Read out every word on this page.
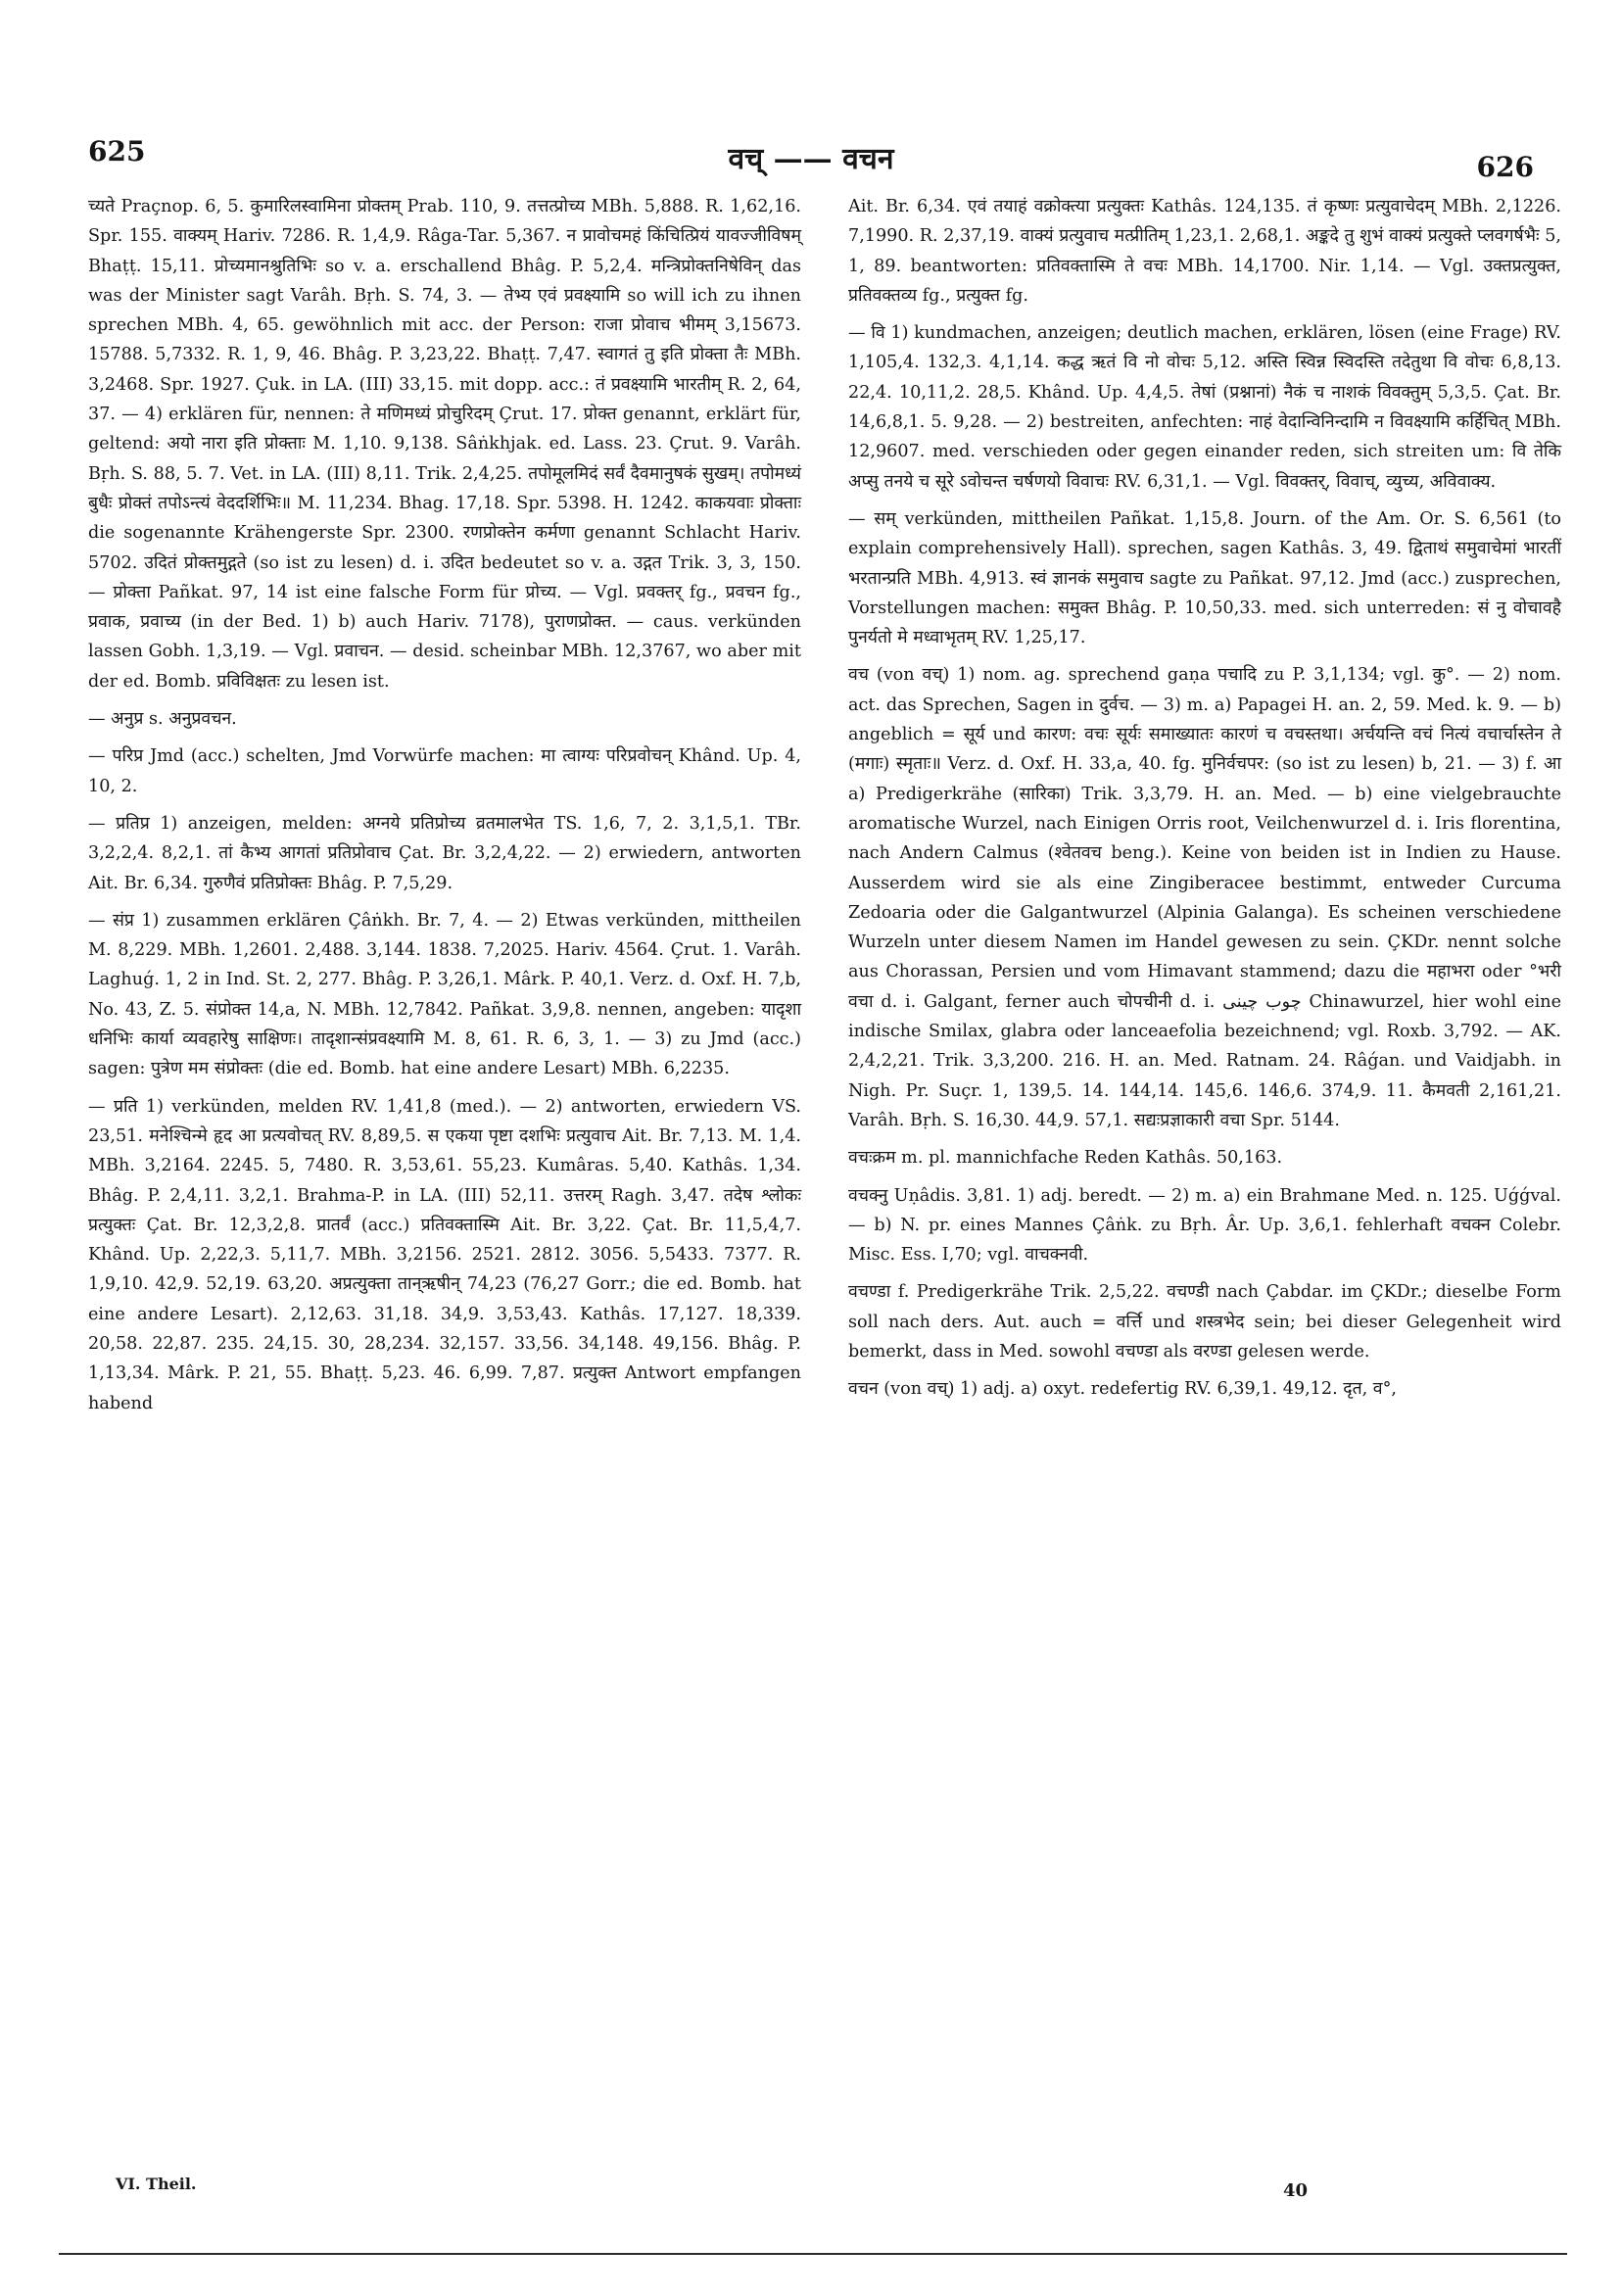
625	वच् —— वचन	626

च्यते Praçnop. 6, 5. कुमारिलस्वामिना प्रोक्तम् Prab. 110, 9. तत्तत्प्रोच्य MBh. 5,888. R. 1,62,16. Spr. 155. वाक्यम् Hariv. 7286. R. 1,4,9. Râga-Tar. 5,367. न प्रावोचमहं किंचित्प्रियं यावज्जीविषम् Bhaṭṭ. 15,11. प्रोच्यमानश्रुतिभिः so v. a. erschallend Bhâg. P. 5,2,4. मन्त्रिप्रोक्तनिषेविन् das was der Minister sagt Varâh. Bṛh. S. 74, 3. — तेभ्य एवं प्रवक्ष्यामि so will ich zu ihnen sprechen MBh. 4, 65. gewöhnlich mit acc. der Person: राजा प्रोवाच भीमम् 3,15673. 15788. 5,7332. R. 1, 9, 46. Bhâg. P. 3,23,22. Bhaṭṭ. 7,47. स्वागतं तु इति प्रोक्ता तैः MBh. 3,2468. Spr. 1927. Çuk. in LA. (III) 33,15. mit dopp. acc.: तं प्रवक्ष्यामि भारतीम् R. 2, 64, 37. — 4) erklären für, nennen: ते मणिमध्यं प्रोचुरिदम् Çrut. 17. प्रोक्त genannt, erklärt für, geltend: अयो नारा इति प्रोक्ताः M. 1,10. 9,138. Sâṅkhjak. ed. Lass. 23. Çrut. 9. Varâh. Bṛh. S. 88, 5. 7. Vet. in LA. (III) 8,11. Trik. 2,4,25. तपोमूलमिदं सर्वं दैवमानुषकं सुखम्। तपोमध्यं बुधैः प्रोक्तं तपोऽन्त्यं वेददर्शिभिः॥ M. 11,234. Bhag. 17,18. Spr. 5398. H. 1242. काकयवाः प्रोक्ताः die sogenannte Krähengerste Spr. 2300. रणप्रोक्तेन कर्मणा genannt Schlacht Hariv. 5702. उदितं प्रोक्तमुद्गते (so ist zu lesen) d. i. उदित bedeutet so v. a. उद्गत Trik. 3, 3, 150. — प्रोक्ता Pañkat. 97, 14 ist eine falsche Form für प्रोच्य. — Vgl. प्रवक्तर् fg., प्रवचन fg., प्रवाक, प्रवाच्य (in der Bed. 1) b) auch Hariv. 7178), पुराणप्रोक्त. — caus. verkünden lassen Gobh. 1,3,19. — Vgl. प्रवाचन. — desid. scheinbar MBh. 12,3767, wo aber mit der ed. Bomb. प्रविविक्षतः zu lesen ist.

— अनुप्र s. अनुप्रवचन.

— परिप्र Jmd (acc.) schelten, Jmd Vorwürfe machen: मा त्वाग्यः परिप्रवोचन् Khând. Up. 4, 10, 2.

— प्रतिप्र 1) anzeigen, melden: अग्नये प्रतिप्रोच्य व्रतमालभेत TS. 1,6, 7, 2. 3,1,5,1. TBr. 3,2,2,4. 8,2,1. तां कैभ्य आगतां प्रतिप्रोवाच Çat. Br. 3,2,4,22. — 2) erwiedern, antworten Ait. Br. 6,34. गुरुणैवं प्रतिप्रोक्तः Bhâg. P. 7,5,29.

— संप्र 1) zusammen erklären Çâṅkh. Br. 7, 4. — 2) Etwas verkünden, mittheilen M. 8,229. MBh. 1,2601. 2,488. 3,144. 1838. 7,2025. Hariv. 4564. Çrut. 1. Varâh. Laghuǵ. 1, 2 in Ind. St. 2, 277. Bhâg. P. 3,26,1. Mârk. P. 40,1. Verz. d. Oxf. H. 7,b, No. 43, Z. 5. संप्रोक्त 14,a, N. MBh. 12,7842. Pañkat. 3,9,8. nennen, angeben: यादृशा धनिभिः कार्या व्यवहारेषु साक्षिणः। तादृशान्संप्रवक्ष्यामि M. 8, 61. R. 6, 3, 1. — 3) zu Jmd (acc.) sagen: पुत्रेण मम संप्रोक्तः (die ed. Bomb. hat eine andere Lesart) MBh. 6,2235.

— प्रति 1) verkünden, melden RV. 1,41,8 (med.). — 2) antworten, erwiedern VS. 23,51. मनेश्चिन्मे हृद आ प्रत्यवोचत् RV. 8,89,5. स एकया पृष्टा दशभिः प्रत्युवाच Ait. Br. 7,13. M. 1,4. MBh. 3,2164. 2245. 5, 7480. R. 3,53,61. 55,23. Kumâras. 5,40. Kathâs. 1,34. Bhâg. P. 2,4,11. 3,2,1. Brahma-P. in LA. (III) 52,11. उत्तरम् Ragh. 3,47. तदेष श्लोकः प्रत्युक्तः Çat. Br. 12,3,2,8. प्रातर्वं (acc.) प्रतिवक्तास्मि Ait. Br. 3,22. Çat. Br. 11,5,4,7. Khând. Up. 2,22,3. 5,11,7. MBh. 3,2156. 2521. 2812. 3056. 5,5433. 7377. R. 1,9,10. 42,9. 52,19. 63,20. अप्रत्युक्ता तान्ऋषीन् 74,23 (76,27 Gorr.; die ed. Bomb. hat eine andere Lesart). 2,12,63. 31,18. 34,9. 3,53,43. Kathâs. 17,127. 18,339. 20,58. 22,87. 235. 24,15. 30, 28,234. 32,157. 33,56. 34,148. 49,156. Bhâg. P. 1,13,34. Mârk. P. 21, 55. Bhaṭṭ. 5,23. 46. 6,99. 7,87. प्रत्युक्त Antwort empfangen habend

Ait. Br. 6,34. एवं तयाहं वक्रोक्त्या प्रत्युक्तः Kathâs. 124,135. तं कृष्णः प्रत्युवाचेदम् MBh. 2,1226. 7,1990. R. 2,37,19. वाक्यं प्रत्युवाच मत्प्रीतिम् 1,23,1. 2,68,1. अङ्कदे तु शुभं वाक्यं प्रत्युक्ते प्लवगर्षभैः 5, 1, 89. beantworten: प्रतिवक्तास्मि ते वचः MBh. 14,1700. Nir. 1,14. — Vgl. उक्तप्रत्युक्त, प्रतिवक्तव्य fg., प्रत्युक्त fg.

— वि 1) kundmachen, anzeigen; deutlich machen, erklären, lösen (eine Frage) RV. 1,105,4. 132,3. 4,1,14. कद्ध ऋतं वि नो वोचः 5,12. अस्ति स्विन्न स्विदस्ति तदेतुथा वि वोचः 6,8,13. 22,4. 10,11,2. 28,5. Khând. Up. 4,4,5. तेषां (प्रश्नानां) नैकं च नाशकं विवक्तुम् 5,3,5. Çat. Br. 14,6,8,1. 5. 9,28. — 2) bestreiten, anfechten: नाहं वेदान्विनिन्दामि न विवक्ष्यामि कर्हिचित् MBh. 12,9607. med. verschieden oder gegen einander reden, sich streiten um: वि तेकि अप्सु तनये च सूरे ऽवोचन्त चर्षणयो विवाचः RV. 6,31,1. — Vgl. विवक्तर्, विवाच्, व्युच्य, अविवाक्य.

— सम् verkünden, mittheilen Pañkat. 1,15,8. Journ. of the Am. Or. S. 6,561 (to explain comprehensively Hall). sprechen, sagen Kathâs. 3, 49. द्विताथं समुवाचेमां भारतीं भरतान्प्रति MBh. 4,913. स्वं ज्ञानकं समुवाच sagte zu Pañkat. 97,12. Jmd (acc.) zusprechen, Vorstellungen machen: समुक्त Bhâg. P. 10,50,33. med. sich unterreden: सं नु वोचावहै पुनर्यतो मे मध्वाभृतम् RV. 1,25,17.

वच (von वच्) 1) nom. ag. sprechend gaṇa पचादि zu P. 3,1,134; vgl. कु°. — 2) nom. act. das Sprechen, Sagen in दुर्वच. — 3) m. a) Papagei H. an. 2, 59. Med. k. 9. — b) angeblich = सूर्य und कारण: वचः सूर्यः समाख्यातः कारणं च वचस्तथा। अर्चयन्ति वचं नित्यं वचार्चास्तेन ते (मगाः) स्मृताः॥ Verz. d. Oxf. H. 33,a, 40. fg. मुनिर्वचपर: (so ist zu lesen) b, 21. — 3) f. आ a) Predigerkrähe (सारिका) Trik. 3,3,79. H. an. Med. — b) eine vielgebrauchte aromatische Wurzel, nach Einigen Orris root, Veilchenwurzel d. i. Iris florentina, nach Andern Calmus (श्वेतवच beng.). Keine von beiden ist in Indien zu Hause. Ausserdem wird sie als eine Zingiberacee bestimmt, entweder Curcuma Zedoaria oder die Galgantwurzel (Alpinia Galanga). Es scheinen verschiedene Wurzeln unter diesem Namen im Handel gewesen zu sein. ÇKDr. nennt solche aus Chorassan, Persien und vom Himavant stammend; dazu die महाभरा oder °भरी वचा d. i. Galgant, ferner auch चोपचीनी d. i. چوب چینی Chinawurzel, hier wohl eine indische Smilax, glabra oder lanceaefolia bezeichnend; vgl. Roxb. 3,792. — AK. 2,4,2,21. Trik. 3,3,200. 216. H. an. Med. Ratnam. 24. Râǵan. und Vaidjabh. in Nigh. Pr. Suçr. 1, 139,5. 14. 144,14. 145,6. 146,6. 374,9. 11. कैमवती 2,161,21. Varâh. Bṛh. S. 16,30. 44,9. 57,1. सद्यःप्रज्ञाकारी वचा Spr. 5144.

वचःक्रम m. pl. mannichfache Reden Kathâs. 50,163.

वचक्नु Uṇâdis. 3,81. 1) adj. beredt. — 2) m. a) ein Brahmane Med. n. 125. Uǵǵval. — b) N. pr. eines Mannes Çâṅk. zu Bṛh. Âr. Up. 3,6,1. fehlerhaft वचक्न Colebr. Misc. Ess. I,70; vgl. वाचक्नवी.

वचण्डा f. Predigerkrähe Trik. 2,5,22. वचण्डी nach Çabdar. im ÇKDr.; dieselbe Form soll nach ders. Aut. auch = वर्त्ति und शस्त्रभेद sein; bei dieser Gelegenheit wird bemerkt, dass in Med. sowohl वचण्डा als वरण्डा gelesen werde.

वचन (von वच्) 1) adj. a) oxyt. redefertig RV. 6,39,1. 49,12. दृत, व°,

VI. Theil.	40
